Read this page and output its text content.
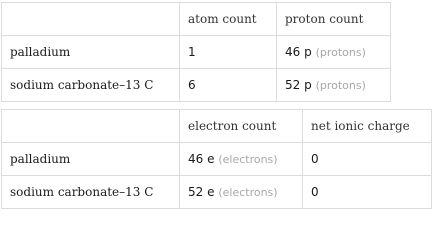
	atom count	proton count
palladium	1	46 p (protons)
sodium carbonate–13 C	6	52 p (protons)
	electron count	net ionic charge
palladium	46 e (electrons)	0
sodium carbonate–13 C	52 e (electrons)	0
